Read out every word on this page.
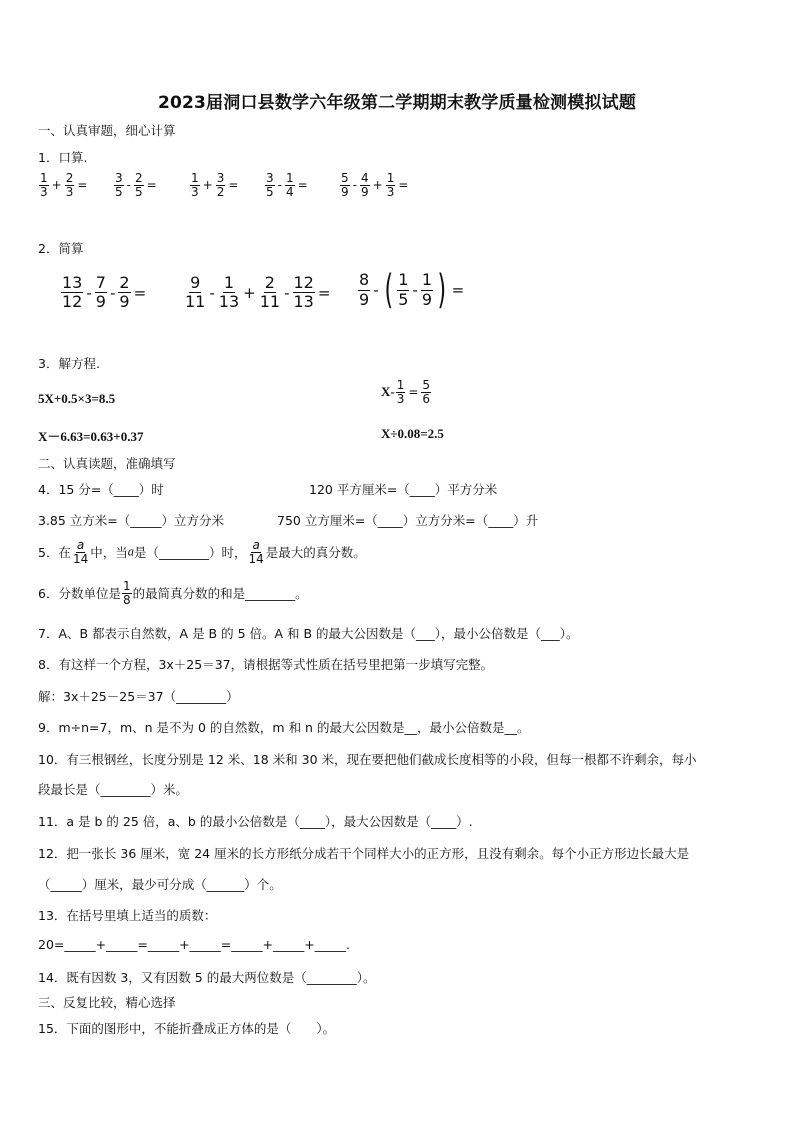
2023届洞口县数学六年级第二学期期末教学质量检测模拟试题
一、认真审题，细心计算
1．口算.
$\frac{1}{3} + \frac{2}{3} = \frac{3}{5} - \frac{2}{5}$ =	$\frac{1}{3} + \frac{3}{2} = \frac{3}{5} - \frac{1}{4}$ =	$\frac{5}{9} - \frac{4}{9} + \frac{1}{3}$ =
2．简算
$\frac{13}{12} - \frac{7}{9} - \frac{2}{9} = \frac{9}{11} - \frac{1}{13} + \frac{2}{11} - \frac{12}{13} = \frac{8}{9}$ - ( $\frac{1}{5} - \frac{1}{9}$ ) =
3．解方程.
5X+0.5×3=8.5	$X- \frac{1}{3} = \frac{5}{6}$
X－6.63=0.63+0.37	X÷0.08=2.5
二、认真读题，准确填写
4．15 分=（____）时	120 平方厘米=（____）平方分米
3.85 立方米=（_____）立方分米	750 立方厘米=（____）立方分米=（____）升
5．在 $\frac{a}{14}$ 中，当a是（________）时， $\frac{a}{14}$ 是最大的真分数。
6．分数单位是 $\frac{1}{8}$ 的最简真分数的和是________。
7．A、B 都表示自然数，A 是 B 的 5 倍。A 和 B 的最大公因数是（___），最小公倍数是（___）。
8．有这样一个方程，3x＋25＝37，请根据等式性质在括号里把第一步填写完整。
解：3x＋25－25＝37（________）
9．m÷n=7，m、n 是不为 0 的自然数，m 和 n 的最大公因数是__，最小公倍数是__。
10．有三根钢丝，长度分别是 12 米、18 米和 30 米，现在要把他们截成长度相等的小段，但每一根都不许剩余，每小
段最长是（________）米。
11．a 是 b 的 25 倍，a、b 的最小公倍数是（____），最大公因数是（____）.
12．把一张长 36 厘米，宽 24 厘米的长方形纸分成若干个同样大小的正方形，且没有剩余。每个小正方形边长最大是
（_____）厘米，最少可分成（______）个。
13．在括号里填上适当的质数：
20=_____+_____=_____+_____=_____+_____+_____.
14．既有因数 3，又有因数 5 的最大两位数是（________）。
三、反复比较，精心选择
15．下面的图形中，不能折叠成正方体的是（　　）。
